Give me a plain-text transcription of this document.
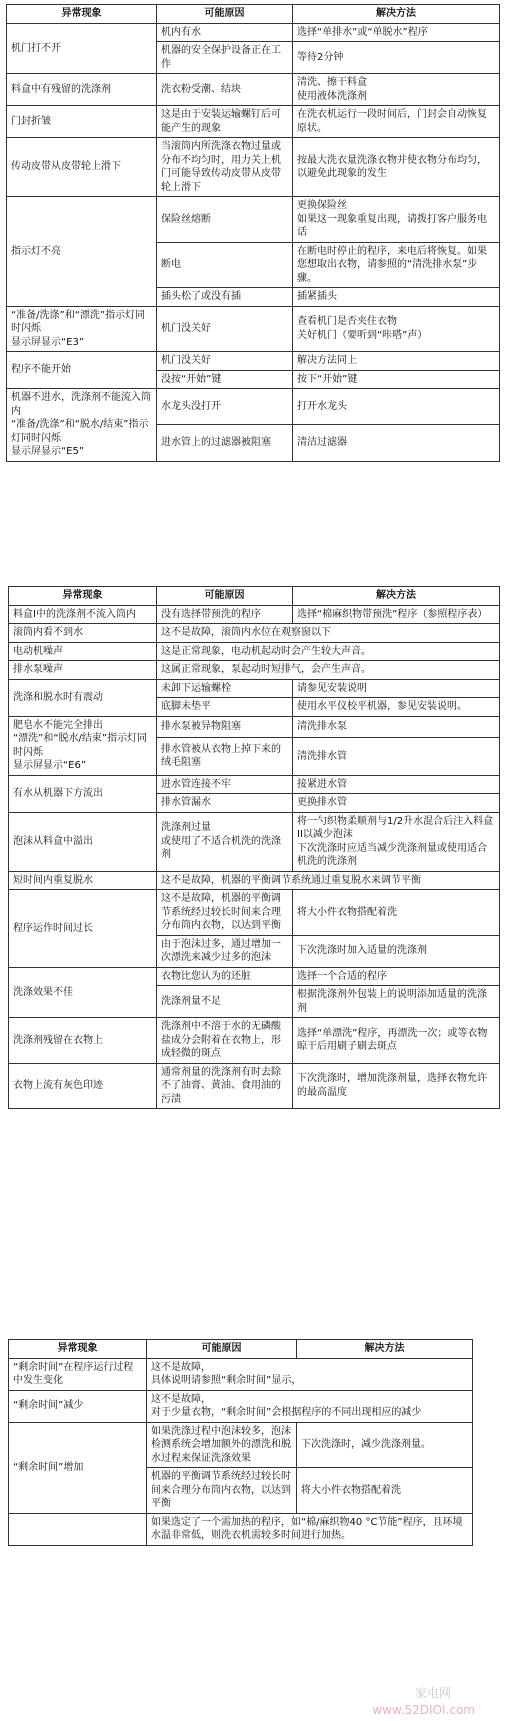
异常现象	可能原因	解决方法
机门打不开	机内有水	选择“单排水”或“单脱水”程序
	机器的安全保护设备正在工作	等待2分钟
料盒中有残留的洗涤剂	洗衣粉受潮、结块	清洗、擦干料盒
使用液体洗涤剂
门封折皱	这是由于安装运输螺钉后可能产生的现象	在洗衣机运行一段时间后，门封会自动恢复原状。
传动皮带从皮带轮上滑下	当滚筒内所洗涤衣物过量或分布不均匀时，用力关上机门可能导致传动皮带从皮带轮上滑下	按最大洗衣量洗涤衣物并使衣物分布均匀，以避免此现象的发生
指示灯不亮	保险丝熔断	更换保险丝
如果这一现象重复出现，请拨打客户服务电话
	断电	在断电时停止的程序，来电后将恢复。如果您想取出衣物，请参照的“清洗排水泵”步骤。
	插头松了或没有插	插紧插头
“准备/洗涤”和“漂洗”指示灯同时闪烁
显示屏显示“E3”	机门没关好	查看机门是否夹住衣物
关好机门（要听到“咔嗒”声）
程序不能开始	机门没关好	解决方法同上
	没按“开始”键	按下“开始”键
机器不进水，洗涤剂不能流入筒内
“准备/洗涤”和“脱水/结束”指示灯同时闪烁
显示屏显示“E5”	水龙头没打开	打开水龙头
	进水管上的过滤器被阻塞	清洁过滤器
异常现象	可能原因	解决方法
料盒I中的洗涤剂不流入筒内	没有选择带预洗的程序	选择“棉麻织物带预洗”程序（参照程序表）
滚筒内看不到水	这不是故障，滚筒内水位在观察窗以下	
电动机噪声	这是正常现象，电动机起动时会产生较大声音。	
排水泵噪声	这属正常现象，泵起动时短排气，会产生声音。	
洗涤和脱水时有震动	未卸下运输螺栓	请参见安装说明
	底脚未垫平	使用水平仪校平机器，参见安装说明。
肥皂水不能完全排出
“漂洗”和“脱水/结束”指示灯同时闪烁
显示屏显示“E6”	排水泵被异物阻塞	清洗排水泵
	排水管被从衣物上掉下来的绒毛阻塞	清洗排水管
有水从机器下方流出	进水管连接不牢	接紧进水管
	排水管漏水	更换排水管
泡沫从料盒中溢出	洗涤剂过量
或使用了不适合机洗的洗涤剂	将一勺织物柔顺剂与1/2升水混合后注入料盒II以减少泡沫
下次洗涤时应适当减少洗涤剂量或使用适合机洗的洗涤剂
短时间内重复脱水	这不是故障，机器的平衡调节系统通过重复脱水来调节平衡	
程序运作时间过长	这不是故障，机器的平衡调节系统经过较长时间来合理分布筒内衣物，以达到平衡	将大小件衣物搭配着洗
	由于泡沫过多，通过增加一次漂洗来减少过多的泡沫	下次洗涤时加入适量的洗涤剂
洗涤效果不佳	衣物比您认为的还脏	选择一个合适的程序
	洗涤剂量不足	根据洗涤剂外包装上的说明添加适量的洗涤剂
洗涤剂残留在衣物上	洗涤剂中不溶于水的无磷酸盐成分会附着在衣物上，形成轻微的斑点	选择“单漂洗”程序，再漂洗一次；或等衣物晾干后用刷子刷去斑点
衣物上流有灰色印迹	通常剂量的洗涤剂有时去除不了油膏、黄油、食用油的污渍	下次洗涤时，增加洗涤剂量，选择衣物允许的最高温度
异常现象	可能原因	解决方法
“剩余时间”在程序运行过程中发生变化	这不是故障，
具体说明请参照“剩余时间”显示，	
“剩余时间”减少	这不是故障，
对于少量衣物，“剩余时间”会根据程序的不同出现相应的减少	
“剩余时间”增加	如果洗涤过程中泡沫较多，泡沫检测系统会增加额外的漂洗和脱水过程来保证洗涤效果	下次洗涤时，减少洗涤剂量。
	机器的平衡调节系统经过较长时间来合理分布筒内衣物，以达到平衡	将大小件衣物搭配着洗
	如果选定了一个需加热的程序，如“棉/麻织物40 °C节能”程序，且环境水温非常低，则洗衣机需较多时间进行加热。	
家电网
www.52DIOI.com
